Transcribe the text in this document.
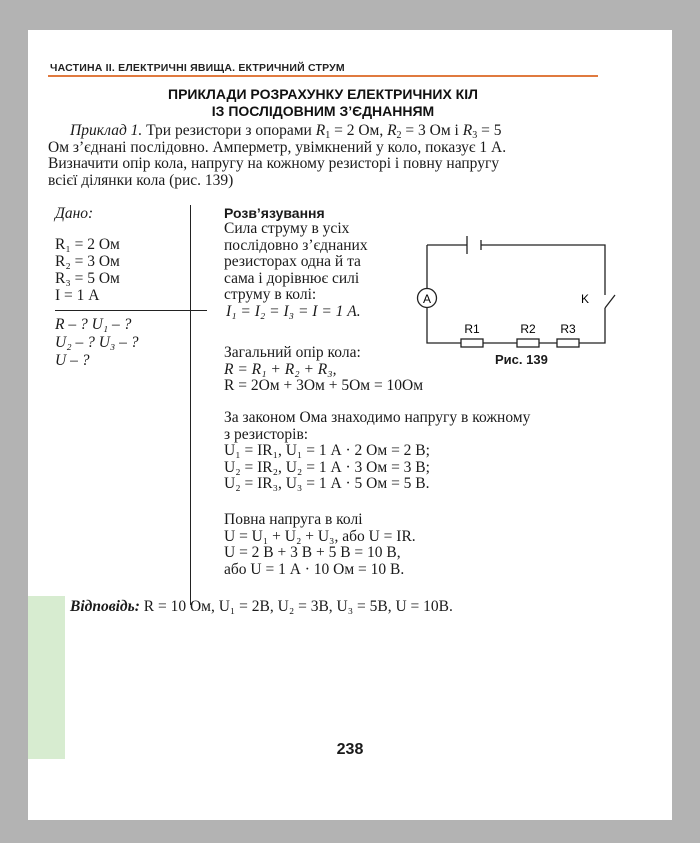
ЧАСТИНА ІІ. ЕЛЕКТРИЧНІ ЯВИЩА. ЕКТРИЧНИЙ СТРУМ
ПРИКЛАДИ РОЗРАХУНКУ ЕЛЕКТРИЧНИХ КІЛ
ІЗ ПОСЛІДОВНИМ З’ЄДНАННЯМ
Приклад 1. Три резистори з опорами $R_1 = 2$ Ом, $R_2 = 3$ Ом і $R_3 = 5$
Ом з’єднані послідовно. Амперметр, увімкнений у коло, показує 1 А.
Визначити опір кола, напругу на кожному резисторі і повну напругу
всієї ділянки кола (рис. 139)
Дано:
R₁ = 2 Ом
R₂ = 3 Ом
R₃ = 5 Ом
I = 1 А
R – ? U₁ – ?
U₂ – ? U₃ – ?
U – ?
Розв’язування
Сила струму в усіх
послідовно з’єднаних
резисторах одна й та
сама і дорівнює силі
струму в колі:
I₁ = I₂ = I₃ = I = 1 А.
A	K
R1	R2 R3
Рис. 139
Загальний опір кола:
R = R₁ + R₂ + R₃,
R = 2Ом + 3Ом + 5Ом = 10Ом
За законом Ома знаходимо напругу в кожному
з резисторів:
U₁ = IR₁, U₁ = 1 А · 2 Ом = 2 В;
U₂ = IR₂, U₂ = 1 А · 3 Ом = 3 В;
U₂ = IR₃, U₃ = 1 А · 5 Ом = 5 В.
Повна напруга в колі
U = U₁ + U₂ + U₃, або U = IR.
U = 2 В + 3 В + 5 В = 10 В,
або U = 1 А · 10 Ом = 10 В.
Відповідь: R = 10 Ом, U₁ = 2В, U₂ = 3В, U₃ = 5В, U = 10В.
238
